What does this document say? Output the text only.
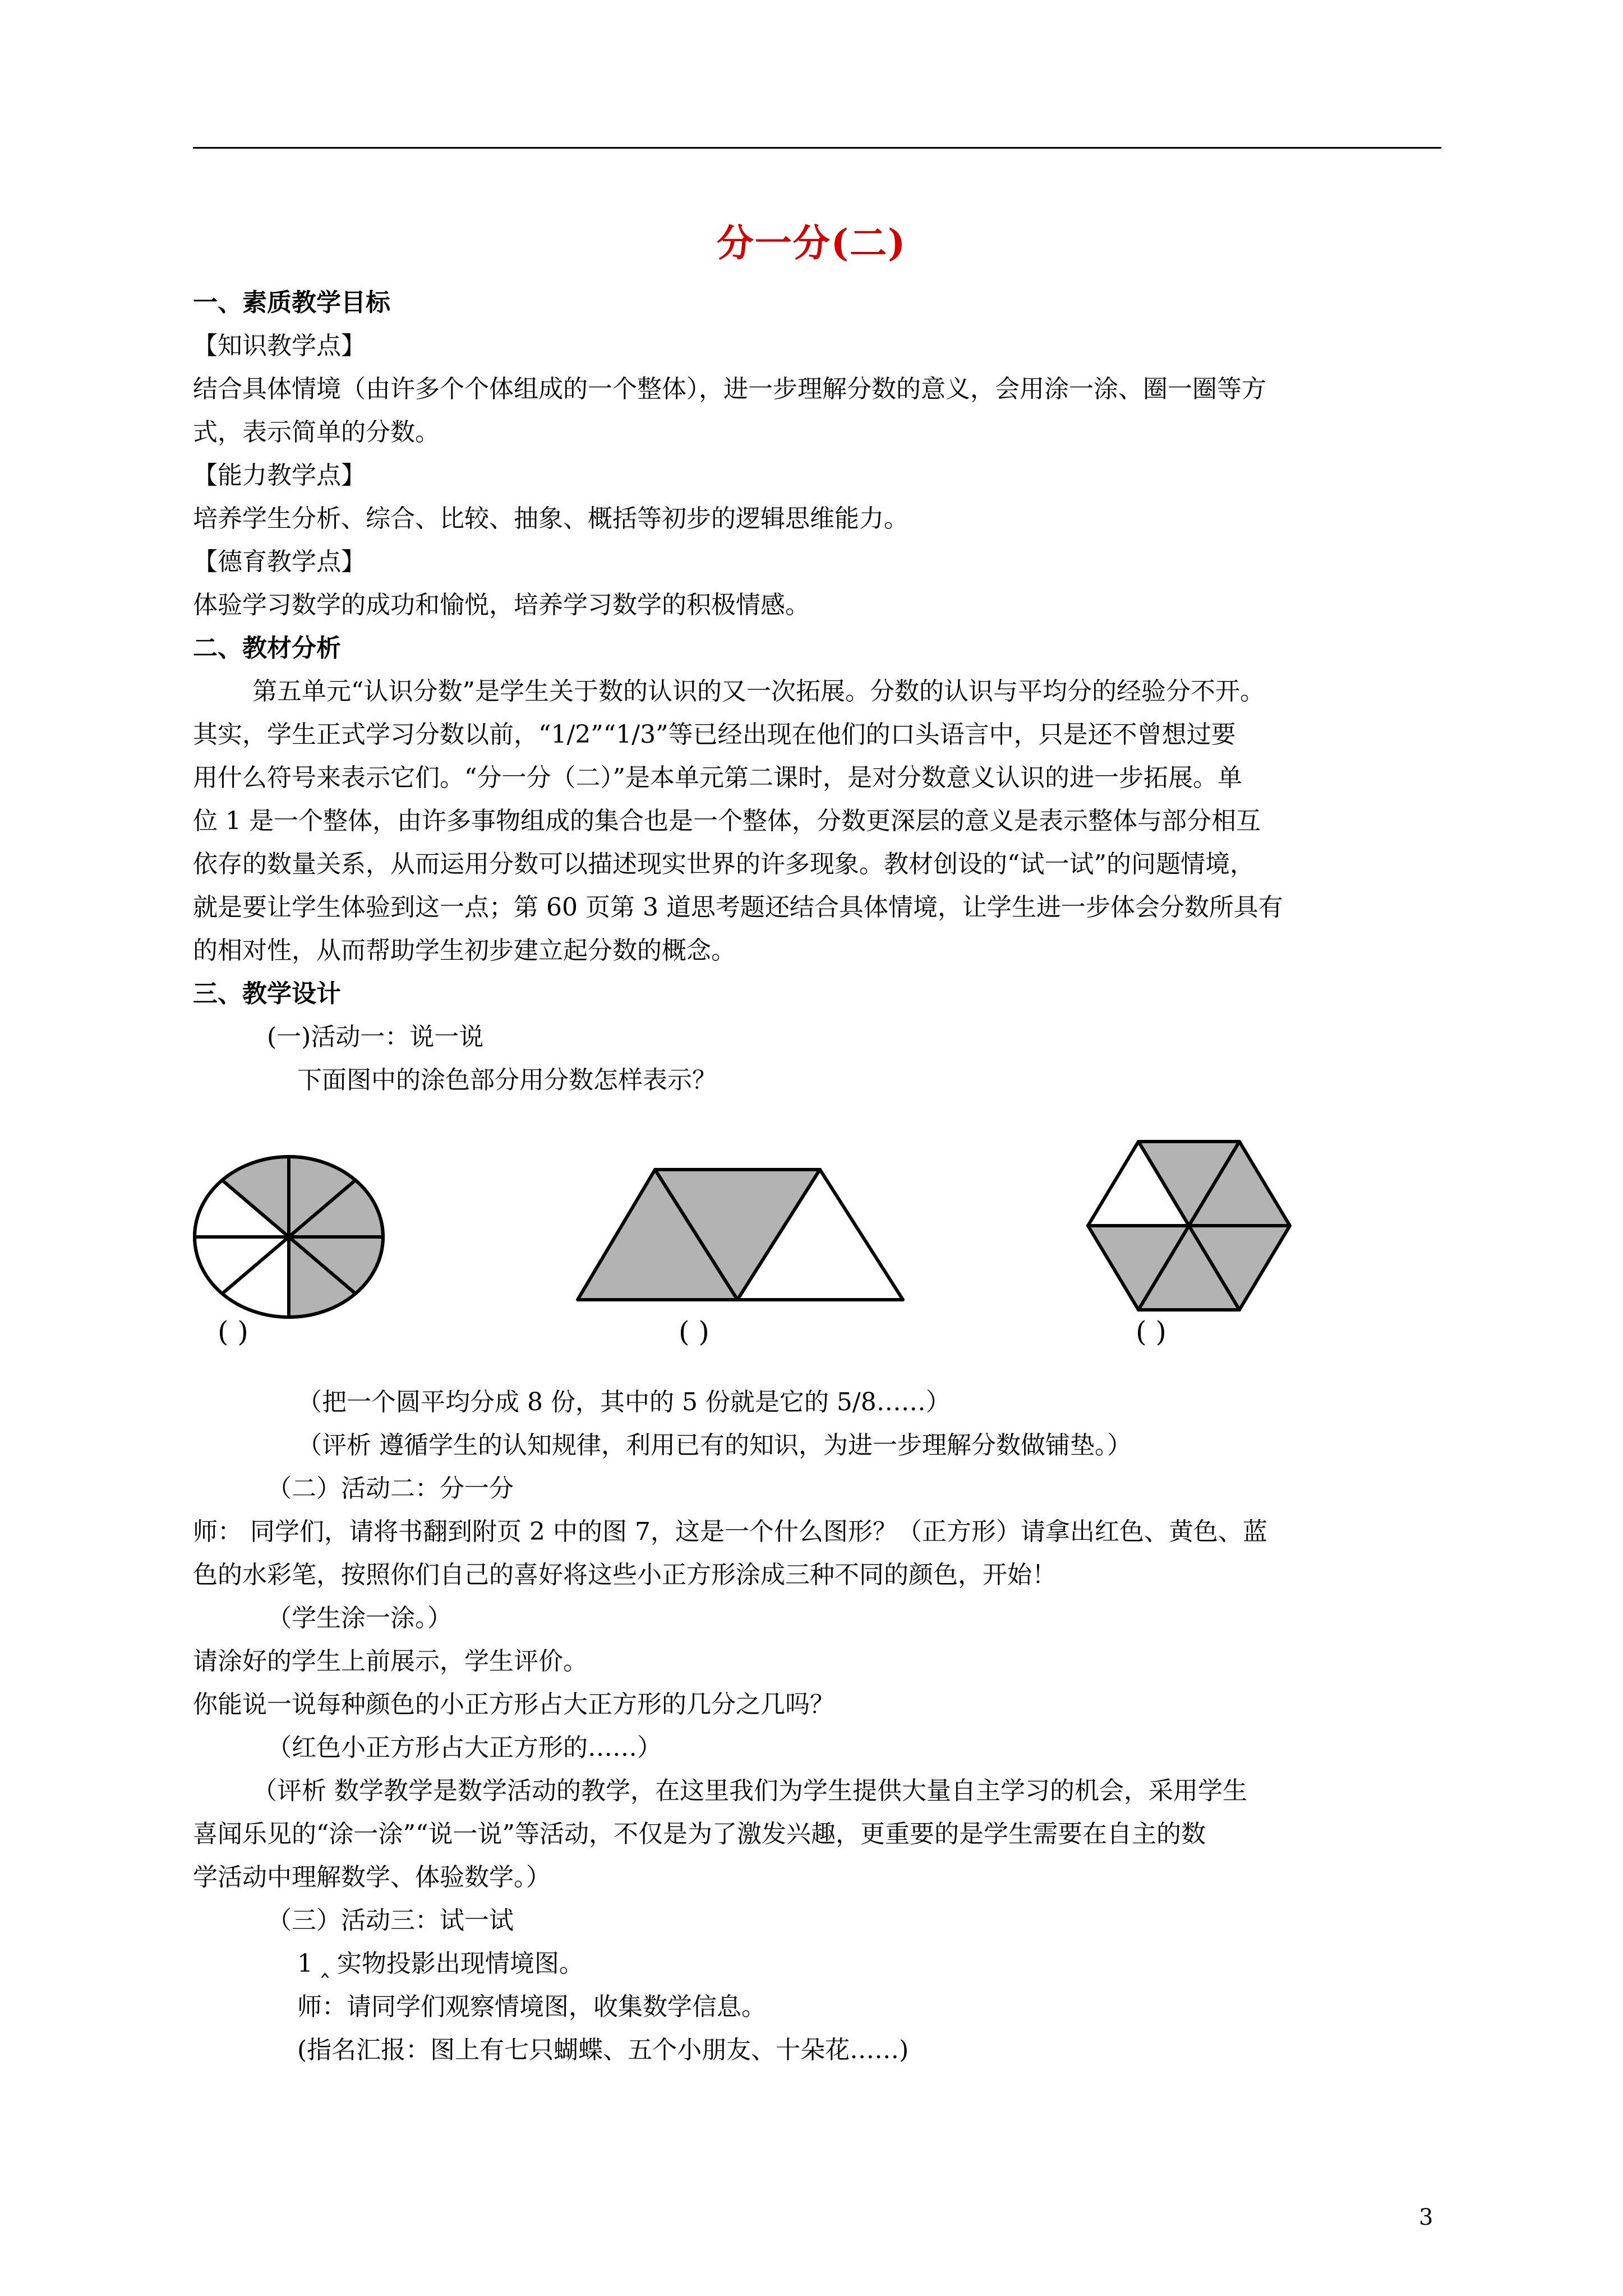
分一分(二)
一、素质教学目标
【知识教学点】
结合具体情境（由许多个个体组成的一个整体），进一步理解分数的意义，会用涂一涂、圈一圈等方
式，表示简单的分数。
【能力教学点】
培养学生分析、综合、比较、抽象、概括等初步的逻辑思维能力。
【德育教学点】
体验学习数学的成功和愉悦，培养学习数学的积极情感。
二、教材分析
第五单元“认识分数”是学生关于数的认识的又一次拓展。分数的认识与平均分的经验分不开。
其实，学生正式学习分数以前，“1/2”“1/3”等已经出现在他们的口头语言中，只是还不曾想过要
用什么符号来表示它们。“分一分（二）”是本单元第二课时，是对分数意义认识的进一步拓展。单
位 1 是一个整体，由许多事物组成的集合也是一个整体，分数更深层的意义是表示整体与部分相互
依存的数量关系，从而运用分数可以描述现实世界的许多现象。教材创设的“试一试”的问题情境，
就是要让学生体验到这一点；第 60 页第 3 道思考题还结合具体情境，让学生进一步体会分数所具有
的相对性，从而帮助学生初步建立起分数的概念。
三、教学设计
(一)活动一：说一说
下面图中的涂色部分用分数怎样表示？
( )	( )	( )
（把一个圆平均分成 8 份，其中的 5 份就是它的 5/8……）
（评析 遵循学生的认知规律，利用已有的知识，为进一步理解分数做铺垫。）
（二）活动二：分一分
师： 同学们，请将书翻到附页 2 中的图 7，这是一个什么图形？（正方形）请拿出红色、黄色、蓝
色的水彩笔，按照你们自己的喜好将这些小正方形涂成三种不同的颜色，开始！
（学生涂一涂。）
请涂好的学生上前展示，学生评价。
你能说一说每种颜色的小正方形占大正方形的几分之几吗？
（红色小正方形占大正方形的……）
（评析 数学教学是数学活动的教学，在这里我们为学生提供大量自主学习的机会，采用学生
喜闻乐见的“涂一涂”“说一说”等活动，不仅是为了激发兴趣，更重要的是学生需要在自主的数
学活动中理解数学、体验数学。）
（三）活动三：试一试
1 ‸ 实物投影出现情境图。
师：请同学们观察情境图，收集数学信息。
(指名汇报：图上有七只蝴蝶、五个小朋友、十朵花……)
3
